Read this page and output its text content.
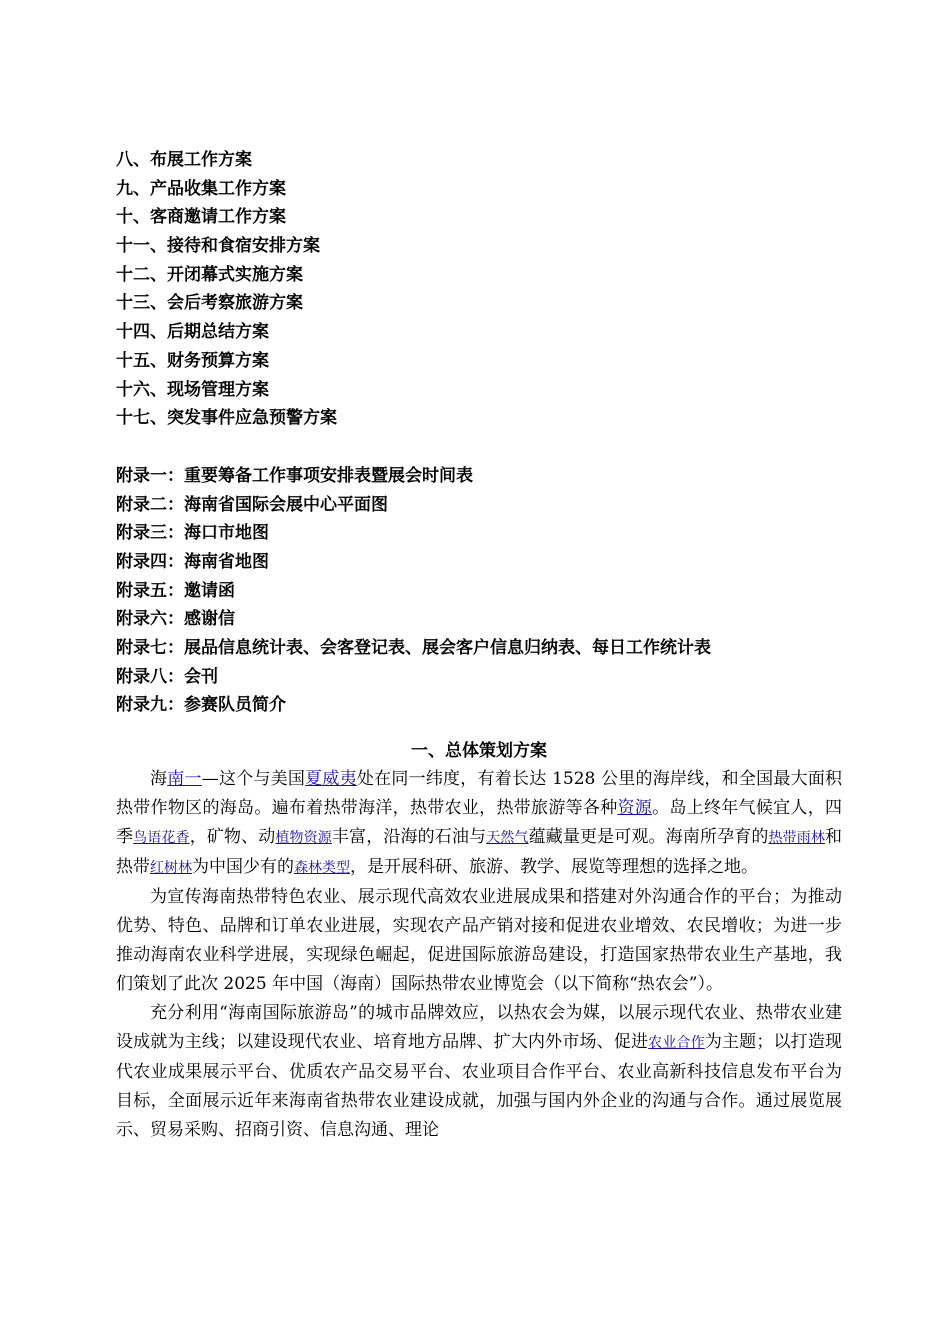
八、布展工作方案
九、产品收集工作方案
十、客商邀请工作方案
十一、接待和食宿安排方案
十二、开闭幕式实施方案
十三、会后考察旅游方案
十四、后期总结方案
十五、财务预算方案
十六、现场管理方案
十七、突发事件应急预警方案
附录一：重要筹备工作事项安排表暨展会时间表
附录二：海南省国际会展中心平面图
附录三：海口市地图
附录四：海南省地图
附录五：邀请函
附录六：感谢信
附录七：展品信息统计表、会客登记表、展会客户信息归纳表、每日工作统计表
附录八：会刊
附录九：参赛队员简介
一、总体策划方案

海南一—这个与美国夏威夷处在同一纬度，有着长达 1528 公里的海岸线，和全国最大面积热带作物区的海岛。遍布着热带海洋，热带农业，热带旅游等各种资源。岛上终年气候宜人，四季鸟语花香，矿物、动植物资源丰富，沿海的石油与天然气蕴藏量更是可观。海南所孕育的热带雨林和热带红树林为中国少有的森林类型，是开展科研、旅游、教学、展览等理想的选择之地。

为宣传海南热带特色农业、展示现代高效农业进展成果和搭建对外沟通合作的平台；为推动优势、特色、品牌和订单农业进展，实现农产品产销对接和促进农业增效、农民增收；为进一步推动海南农业科学进展，实现绿色崛起，促进国际旅游岛建设，打造国家热带农业生产基地，我们策划了此次 2025 年中国（海南）国际热带农业博览会（以下简称“热农会”）。

充分利用“海南国际旅游岛”的城市品牌效应，以热农会为媒，以展示现代农业、热带农业建设成就为主线；以建设现代农业、培育地方品牌、扩大内外市场、促进农业合作为主题；以打造现代农业成果展示平台、优质农产品交易平台、农业项目合作平台、农业高新科技信息发布平台为目标，全面展示近年来海南省热带农业建设成就，加强与国内外企业的沟通与合作。通过展览展示、贸易采购、招商引资、信息沟通、理论
